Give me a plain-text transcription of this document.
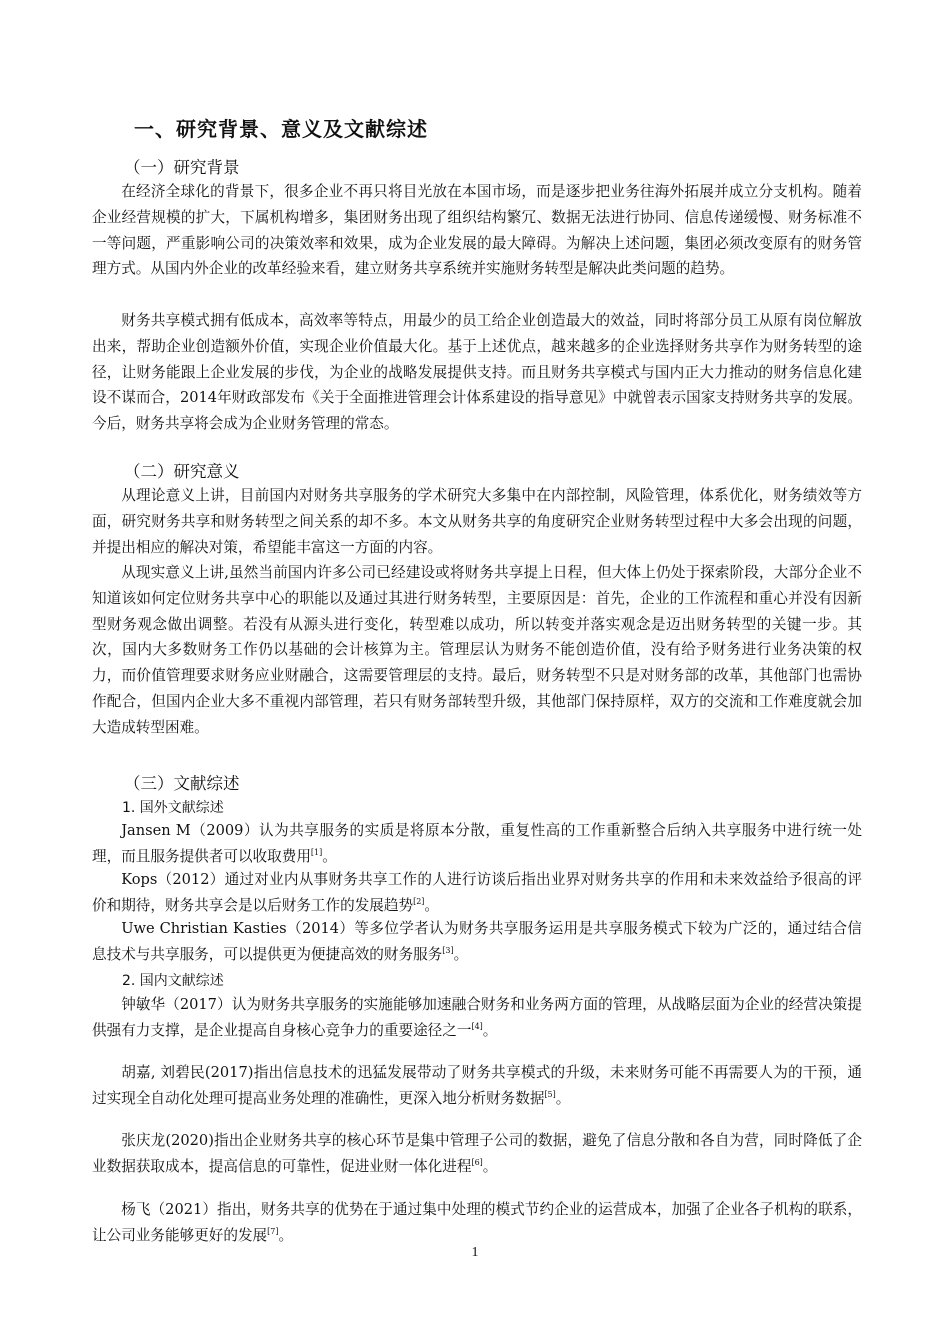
一、研究背景、意义及文献综述
（一）研究背景

在经济全球化的背景下，很多企业不再只将目光放在本国市场，而是逐步把业务往海外拓展并成立分支机构。随着企业经营规模的扩大，下属机构增多，集团财务出现了组织结构繁冗、数据无法进行协同、信息传递缓慢、财务标准不一等问题，严重影响公司的决策效率和效果，成为企业发展的最大障碍。为解决上述问题，集团必须改变原有的财务管理方式。从国内外企业的改革经验来看，建立财务共享系统并实施财务转型是解决此类问题的趋势。

财务共享模式拥有低成本，高效率等特点，用最少的员工给企业创造最大的效益，同时将部分员工从原有岗位解放出来，帮助企业创造额外价值，实现企业价值最大化。基于上述优点，越来越多的企业选择财务共享作为财务转型的途径，让财务能跟上企业发展的步伐，为企业的战略发展提供支持。而且财务共享模式与国内正大力推动的财务信息化建设不谋而合，2014年财政部发布《关于全面推进管理会计体系建设的指导意见》中就曾表示国家支持财务共享的发展。今后，财务共享将会成为企业财务管理的常态。

（二）研究意义

从理论意义上讲，目前国内对财务共享服务的学术研究大多集中在内部控制，风险管理，体系优化，财务绩效等方面，研究财务共享和财务转型之间关系的却不多。本文从财务共享的角度研究企业财务转型过程中大多会出现的问题，并提出相应的解决对策，希望能丰富这一方面的内容。

从现实意义上讲,虽然当前国内许多公司已经建设或将财务共享提上日程，但大体上仍处于探索阶段，大部分企业不知道该如何定位财务共享中心的职能以及通过其进行财务转型，主要原因是：首先，企业的工作流程和重心并没有因新型财务观念做出调整。若没有从源头进行变化，转型难以成功，所以转变并落实观念是迈出财务转型的关键一步。其次，国内大多数财务工作仍以基础的会计核算为主。管理层认为财务不能创造价值，没有给予财务进行业务决策的权力，而价值管理要求财务应业财融合，这需要管理层的支持。最后，财务转型不只是对财务部的改革，其他部门也需协作配合，但国内企业大多不重视内部管理，若只有财务部转型升级，其他部门保持原样，双方的交流和工作难度就会加大造成转型困难。

（三）文献综述
1. 国外文献综述

Jansen M（2009）认为共享服务的实质是将原本分散，重复性高的工作重新整合后纳入共享服务中进行统一处理，而且服务提供者可以收取费用[1]。

Kops（2012）通过对业内从事财务共享工作的人进行访谈后指出业界对财务共享的作用和未来效益给予很高的评价和期待，财务共享会是以后财务工作的发展趋势[2]。

Uwe Christian Kasties（2014）等多位学者认为财务共享服务运用是共享服务模式下较为广泛的，通过结合信息技术与共享服务，可以提供更为便捷高效的财务服务[3]。

2. 国内文献综述

钟敏华（2017）认为财务共享服务的实施能够加速融合财务和业务两方面的管理，从战略层面为企业的经营决策提供强有力支撑，是企业提高自身核心竞争力的重要途径之一[4]。

胡嘉, 刘碧民(2017)指出信息技术的迅猛发展带动了财务共享模式的升级，未来财务可能不再需要人为的干预，通过实现全自动化处理可提高业务处理的准确性，更深入地分析财务数据[5]。

张庆龙(2020)指出企业财务共享的核心环节是集中管理子公司的数据，避免了信息分散和各自为营，同时降低了企业数据获取成本，提高信息的可靠性，促进业财一体化进程[6]。

杨飞（2021）指出，财务共享的优势在于通过集中处理的模式节约企业的运营成本，加强了企业各子机构的联系，让公司业务能够更好的发展[7]。

1
